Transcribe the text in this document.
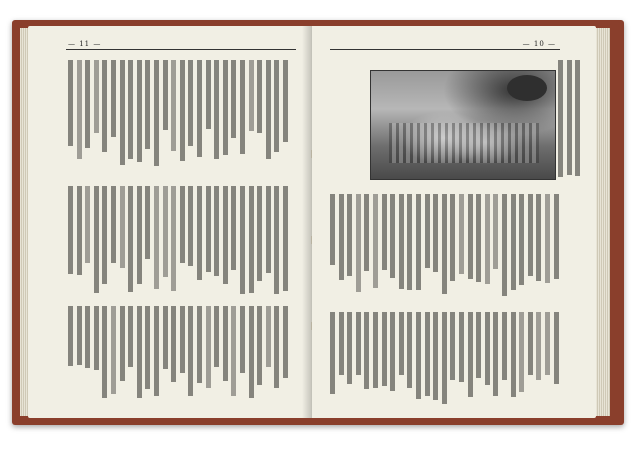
— 11 —	— 10 —
